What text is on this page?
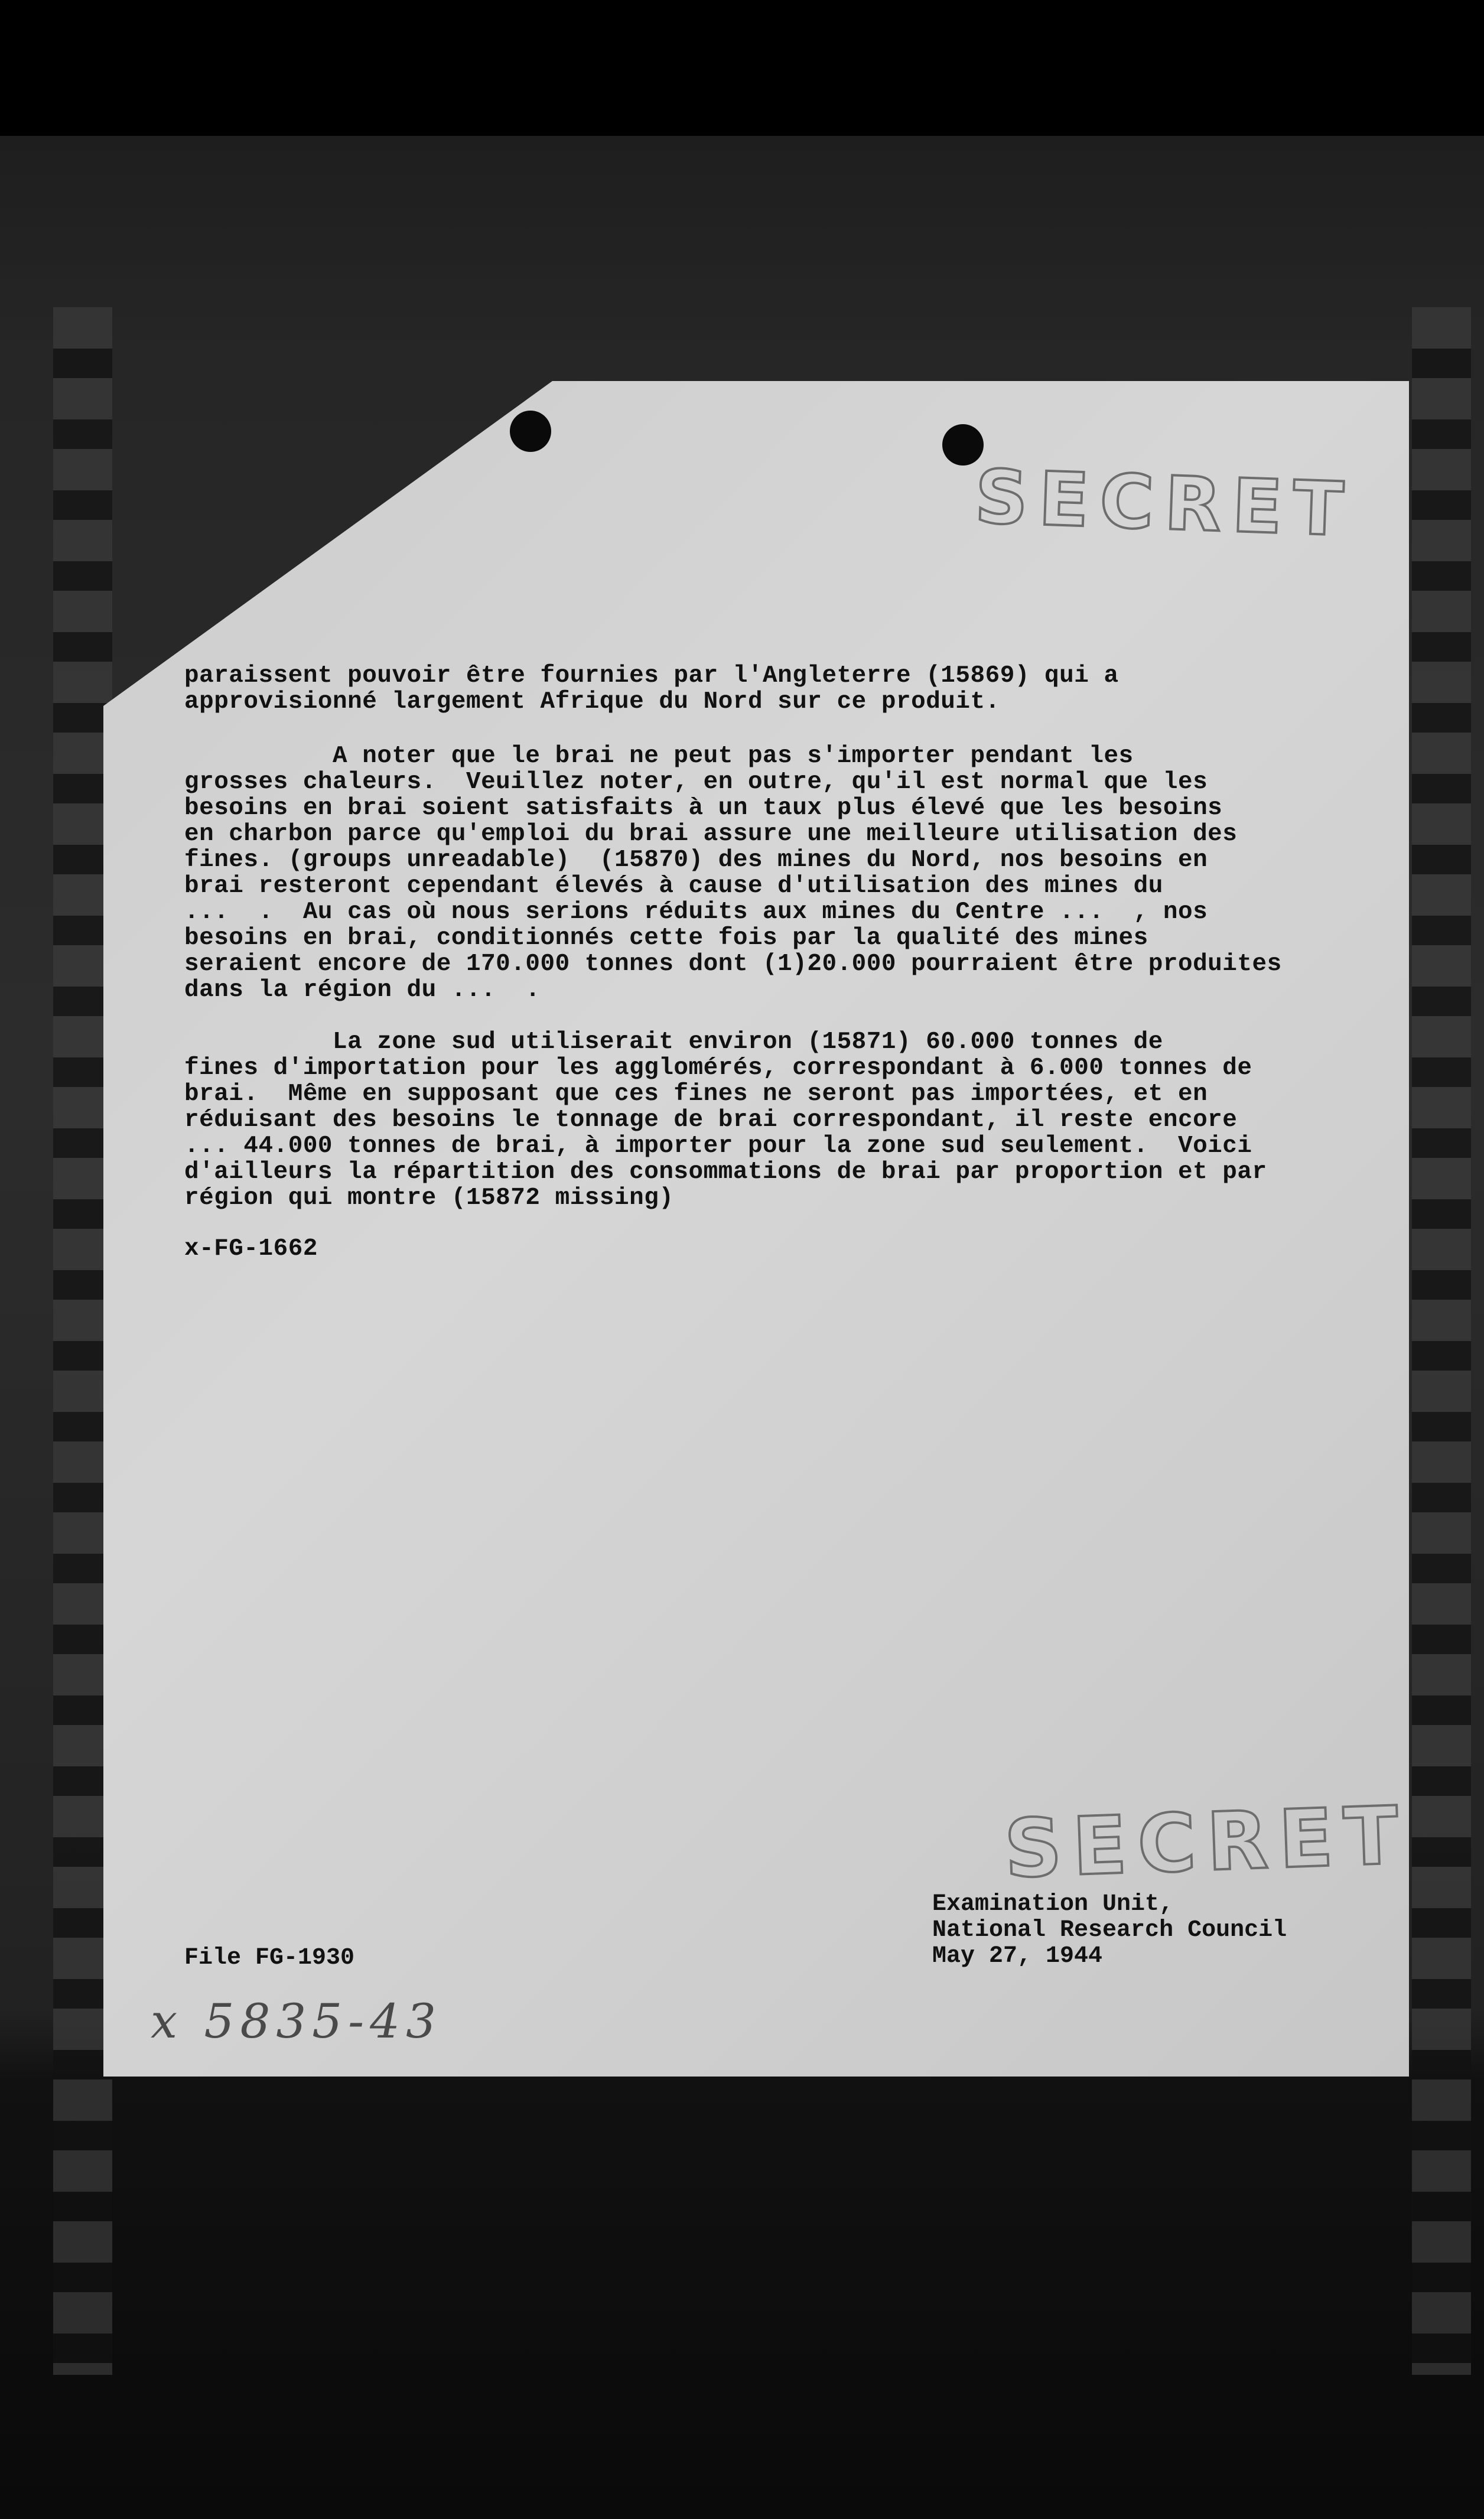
SECRET
paraissent pouvoir être fournies par l'Angleterre (15869) qui a
approvisionné largement Afrique du Nord sur ce produit.
A noter que le brai ne peut pas s'importer pendant les
grosses chaleurs.  Veuillez noter, en outre, qu'il est normal que les
besoins en brai soient satisfaits à un taux plus élevé que les besoins
en charbon parce qu'emploi du brai assure une meilleure utilisation des
fines. (groups unreadable)  (15870) des mines du Nord, nos besoins en
brai resteront cependant élevés à cause d'utilisation des mines du
...  .  Au cas où nous serions réduits aux mines du Centre ...  , nos
besoins en brai, conditionnés cette fois par la qualité des mines
seraient encore de 170.000 tonnes dont (1)20.000 pourraient être produites
dans la région du ...  .
La zone sud utiliserait environ (15871) 60.000 tonnes de
fines d'importation pour les agglomérés, correspondant à 6.000 tonnes de
brai.  Même en supposant que ces fines ne seront pas importées, et en
réduisant des besoins le tonnage de brai correspondant, il reste encore
... 44.000 tonnes de brai, à importer pour la zone sud seulement.  Voici
d'ailleurs la répartition des consommations de brai par proportion et par
région qui montre (15872 missing)
x-FG-1662
SECRET
Examination Unit,
National Research Council
May 27, 1944
File FG-1930
x 5835-43
